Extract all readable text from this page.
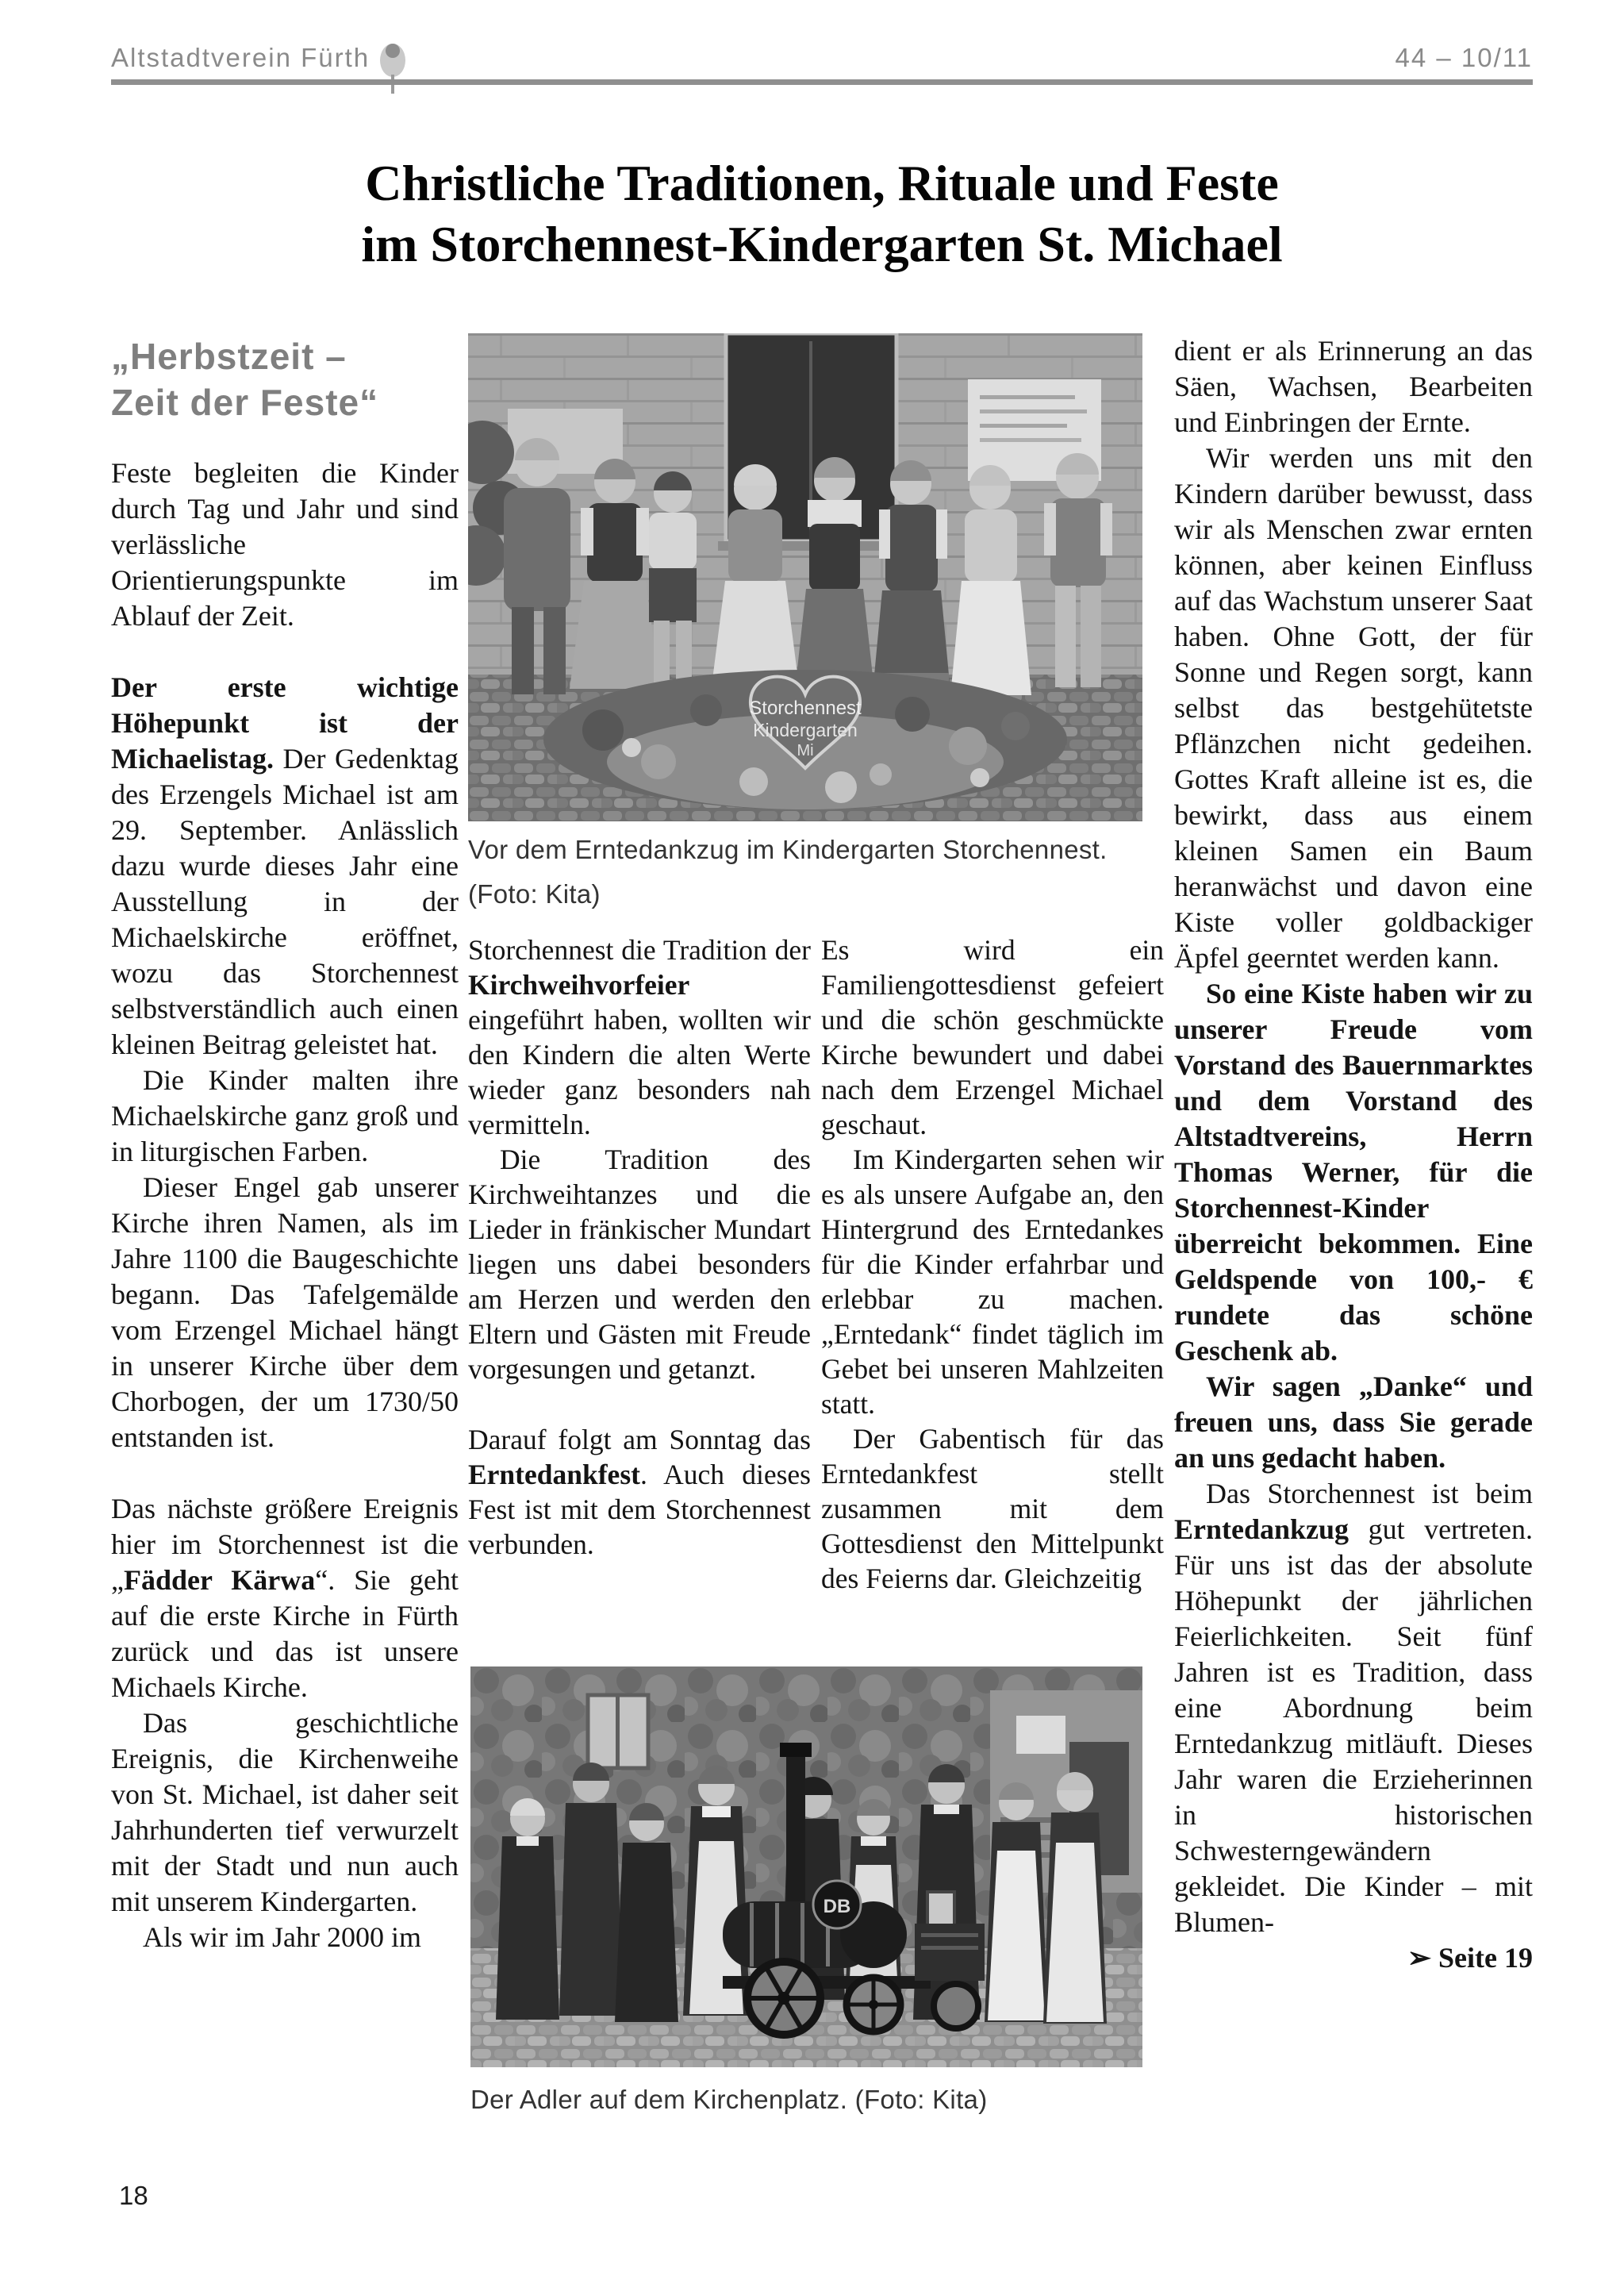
Altstadtverein Fürth	44 – 10/11
Christliche Traditionen, Rituale und Feste
im Storchennest-Kindergarten St. Michael
„Herbstzeit –
Zeit der Feste“

Feste begleiten die Kinder durch Tag und Jahr und sind verlässliche Orientierungspunkte im Ablauf der Zeit.

Der erste wichtige Höhepunkt ist der Michaelistag. Der Gedenktag des Erzengels Michael ist am 29. September. Anlässlich dazu wurde dieses Jahr eine Ausstellung in der Michaelskirche eröffnet, wozu das Storchennest selbstverständlich auch einen kleinen Beitrag geleistet hat.

Die Kinder malten ihre Michaelskirche ganz groß und in liturgischen Farben.

Dieser Engel gab unserer Kirche ihren Namen, als im Jahre 1100 die Baugeschichte begann. Das Tafelgemälde vom Erzengel Michael hängt in unserer Kirche über dem Chorbogen, der um 1730/50 entstanden ist.

Das nächste größere Ereignis hier im Storchennest ist die „Fädder Kärwa“. Sie geht auf die erste Kirche in Fürth zurück und das ist unsere Michaels Kirche.

Das geschichtliche Ereignis, die Kirchenweihe von St. Michael, ist daher seit Jahrhunderten tief verwurzelt mit der Stadt und nun auch mit unserem Kindergarten.

Als wir im Jahr 2000 im

Storchennest
Kindergarten
Mi
Vor dem Erntedankzug im Kindergarten Storchennest.
(Foto: Kita)

Storchennest die Tradition der Kirchweihvorfeier eingeführt haben, wollten wir den Kindern die alten Werte wieder ganz besonders nah vermitteln.

Die Tradition des Kirchweihtanzes und die Lieder in fränkischer Mundart liegen uns dabei besonders am Herzen und werden den Eltern und Gästen mit Freude vorgesungen und getanzt.

Darauf folgt am Sonntag das Erntedankfest. Auch dieses Fest ist mit dem Storchennest verbunden.

Es wird ein Familiengottesdienst gefeiert und die schön geschmückte Kirche bewundert und dabei nach dem Erzengel Michael geschaut.

Im Kindergarten sehen wir es als unsere Aufgabe an, den Hintergrund des Erntedankes für die Kinder erfahrbar und erlebbar zu machen. „Erntedank“ findet täglich im Gebet bei unseren Mahlzeiten statt.

Der Gabentisch für das Erntedankfest stellt zusammen mit dem Gottesdienst den Mittelpunkt des Feierns dar. Gleichzeitig

dient er als Erinnerung an das Säen, Wachsen, Bearbeiten und Einbringen der Ernte.

Wir werden uns mit den Kindern darüber bewusst, dass wir als Menschen zwar ernten können, aber keinen Einfluss auf das Wachstum unserer Saat haben. Ohne Gott, der für Sonne und Regen sorgt, kann selbst das bestgehütetste Pflänzchen nicht gedeihen. Gottes Kraft alleine ist es, die bewirkt, dass aus einem kleinen Samen ein Baum heranwächst und davon eine Kiste voller goldbackiger Äpfel geerntet werden kann.

So eine Kiste haben wir zu unserer Freude vom Vorstand des Bauernmarktes und dem Vorstand des Altstadtvereins, Herrn Thomas Werner, für die Storchennest-Kinder überreicht bekommen. Eine Geldspende von 100,- € rundete das schöne Geschenk ab.

Wir sagen „Danke“ und freuen uns, dass Sie gerade an uns gedacht haben.

Das Storchennest ist beim Erntedankzug gut vertreten. Für uns ist das der absolute Höhepunkt der jährlichen Feierlichkeiten. Seit fünf Jahren ist es Tradition, dass eine Abordnung beim Erntedankzug mitläuft. Dieses Jahr waren die Erzieherinnen in historischen Schwesterngewändern gekleidet. Die Kinder – mit Blumen-

➢ Seite 19

DB
Der Adler auf dem Kirchenplatz. (Foto: Kita)
18
